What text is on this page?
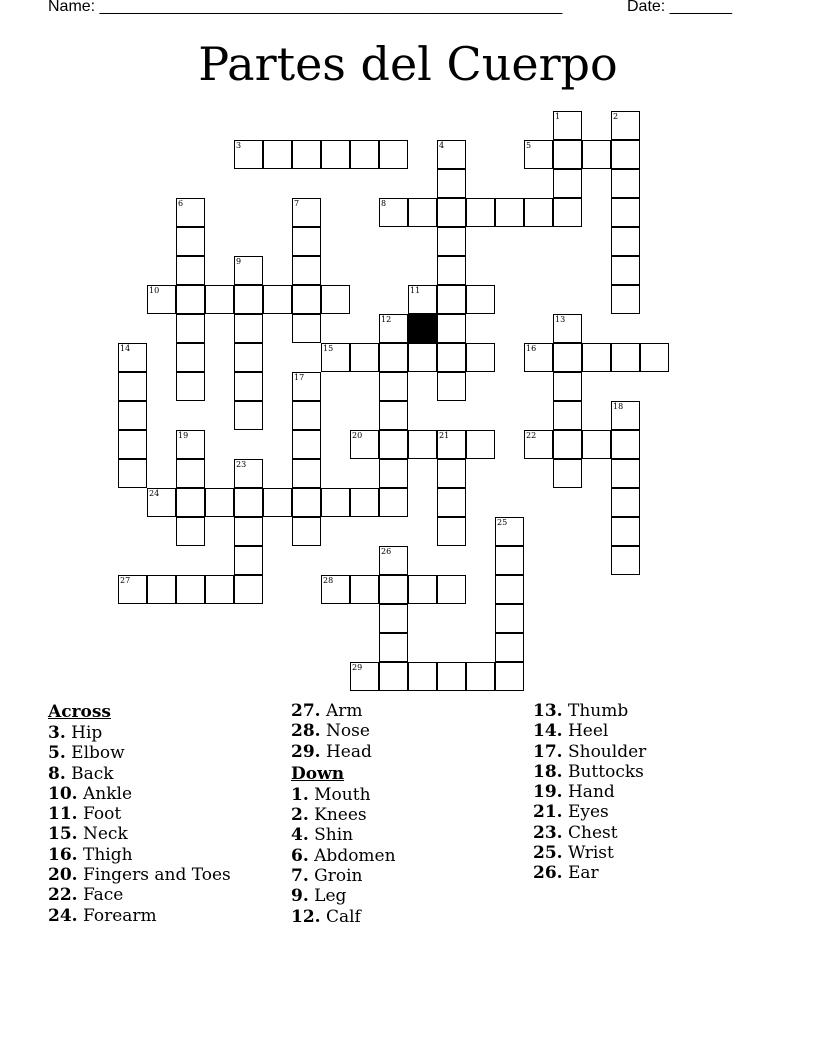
Name: ____________________________________________________	Date: _______
Partes del Cuerpo
1	2
3	4	5
6	7	8
9
10	11
12	13
14	15	16
17
18
19	20	21	22
23
24
25
26
27	28
29
Across
3. Hip
5. Elbow
8. Back
10. Ankle
11. Foot
15. Neck
16. Thigh
20. Fingers and Toes
22. Face
24. Forearm
27. Arm
28. Nose
29. Head
Down
1. Mouth
2. Knees
4. Shin
6. Abdomen
7. Groin
9. Leg
12. Calf
13. Thumb
14. Heel
17. Shoulder
18. Buttocks
19. Hand
21. Eyes
23. Chest
25. Wrist
26. Ear
